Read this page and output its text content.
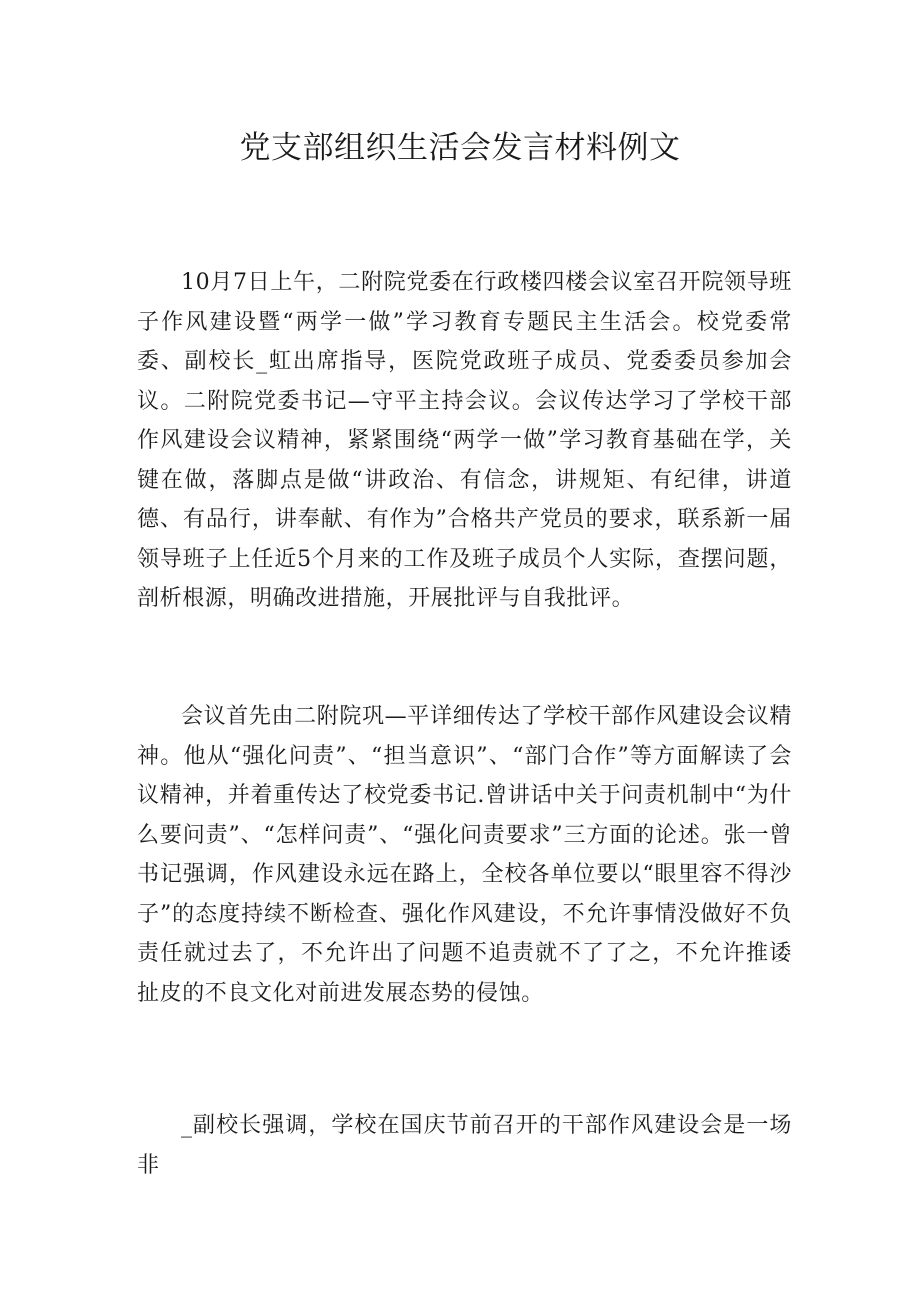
党支部组织生活会发言材料例文

10月7日上午，二附院党委在行政楼四楼会议室召开院领导班子作风建设暨“两学一做”学习教育专题民主生活会。校党委常委、副校长_虹出席指导，医院党政班子成员、党委委员参加会议。二附院党委书记—守平主持会议。会议传达学习了学校干部作风建设会议精神，紧紧围绕“两学一做”学习教育基础在学，关键在做，落脚点是做“讲政治、有信念，讲规矩、有纪律，讲道德、有品行，讲奉献、有作为”合格共产党员的要求，联系新一届领导班子上任近5个月来的工作及班子成员个人实际，查摆问题，剖析根源，明确改进措施，开展批评与自我批评。

会议首先由二附院巩—平详细传达了学校干部作风建设会议精神。他从“强化问责”、“担当意识”、“部门合作”等方面解读了会议精神，并着重传达了校党委书记.曾讲话中关于问责机制中“为什么要问责”、“怎样问责”、“强化问责要求”三方面的论述。张一曾书记强调，作风建设永远在路上，全校各单位要以“眼里容不得沙子”的态度持续不断检查、强化作风建设，不允许事情没做好不负责任就过去了，不允许出了问题不追责就不了了之，不允许推诿扯皮的不良文化对前进发展态势的侵蚀。

_副校长强调，学校在国庆节前召开的干部作风建设会是一场非
